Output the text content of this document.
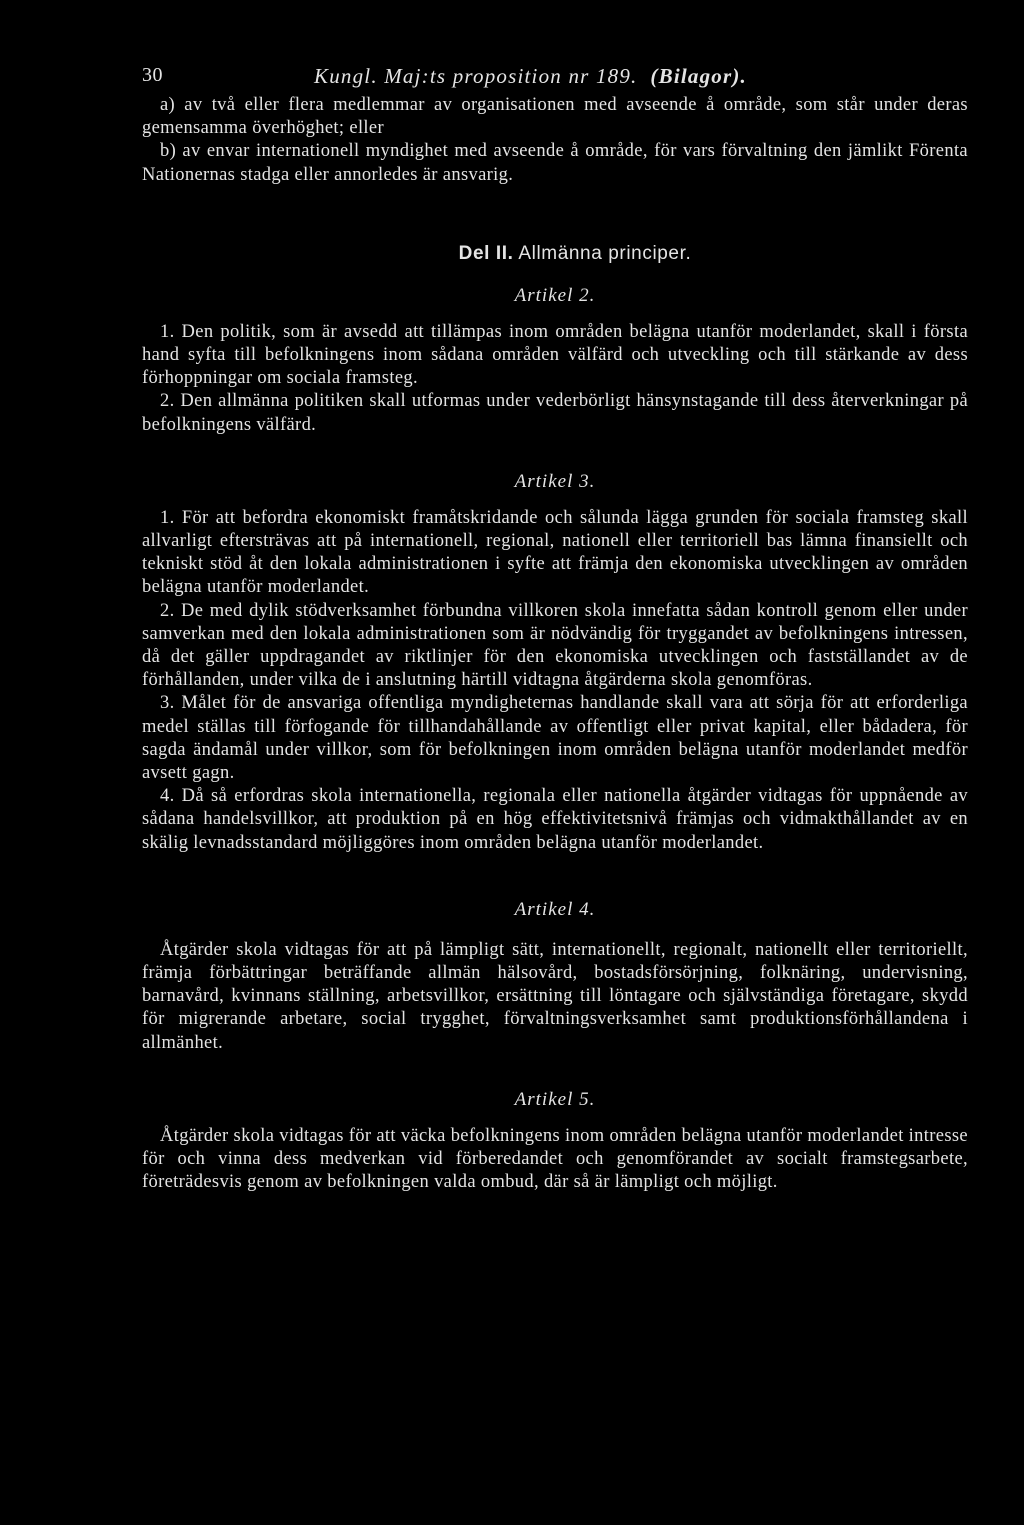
30	Kungl. Maj:ts proposition nr 189. (Bilagor).

a) av två eller flera medlemmar av organisationen med avseende å område, som står under deras gemensamma överhöghet; eller

b) av envar internationell myndighet med avseende å område, för vars förvaltning den jämlikt Förenta Nationernas stadga eller annorledes är ansvarig.

Del II. Allmänna principer.
Artikel 2.

1. Den politik, som är avsedd att tillämpas inom områden belägna utanför moderlandet, skall i första hand syfta till befolkningens inom sådana områden välfärd och utveckling och till stärkande av dess förhoppningar om sociala framsteg.

2. Den allmänna politiken skall utformas under vederbörligt hänsynstagande till dess återverkningar på befolkningens välfärd.

Artikel 3.

1. För att befordra ekonomiskt framåtskridande och sålunda lägga grunden för sociala framsteg skall allvarligt eftersträvas att på internationell, regional, nationell eller territoriell bas lämna finansiellt och tekniskt stöd åt den lokala administrationen i syfte att främja den ekonomiska utvecklingen av områden belägna utanför moderlandet.

2. De med dylik stödverksamhet förbundna villkoren skola innefatta sådan kontroll genom eller under samverkan med den lokala administrationen som är nödvändig för tryggandet av befolkningens intressen, då det gäller uppdragandet av riktlinjer för den ekonomiska utvecklingen och fastställandet av de förhållanden, under vilka de i anslutning härtill vidtagna åtgärderna skola genomföras.

3. Målet för de ansvariga offentliga myndigheternas handlande skall vara att sörja för att erforderliga medel ställas till förfogande för tillhandahållande av offentligt eller privat kapital, eller bådadera, för sagda ändamål under villkor, som för befolkningen inom områden belägna utanför moderlandet medför avsett gagn.

4. Då så erfordras skola internationella, regionala eller nationella åtgärder vidtagas för uppnående av sådana handelsvillkor, att produktion på en hög effektivitetsnivå främjas och vidmakthållandet av en skälig levnadsstandard möjliggöres inom områden belägna utanför moderlandet.

Artikel 4.

Åtgärder skola vidtagas för att på lämpligt sätt, internationellt, regionalt, nationellt eller territoriellt, främja förbättringar beträffande allmän hälsovård, bostadsförsörjning, folknäring, undervisning, barnavård, kvinnans ställning, arbetsvillkor, ersättning till löntagare och självständiga företagare, skydd för migrerande arbetare, social trygghet, förvaltningsverksamhet samt produktionsförhållandena i allmänhet.

Artikel 5.

Åtgärder skola vidtagas för att väcka befolkningens inom områden belägna utanför moderlandet intresse för och vinna dess medverkan vid förberedandet och genomförandet av socialt framstegsarbete, företrädesvis genom av befolkningen valda ombud, där så är lämpligt och möjligt.
